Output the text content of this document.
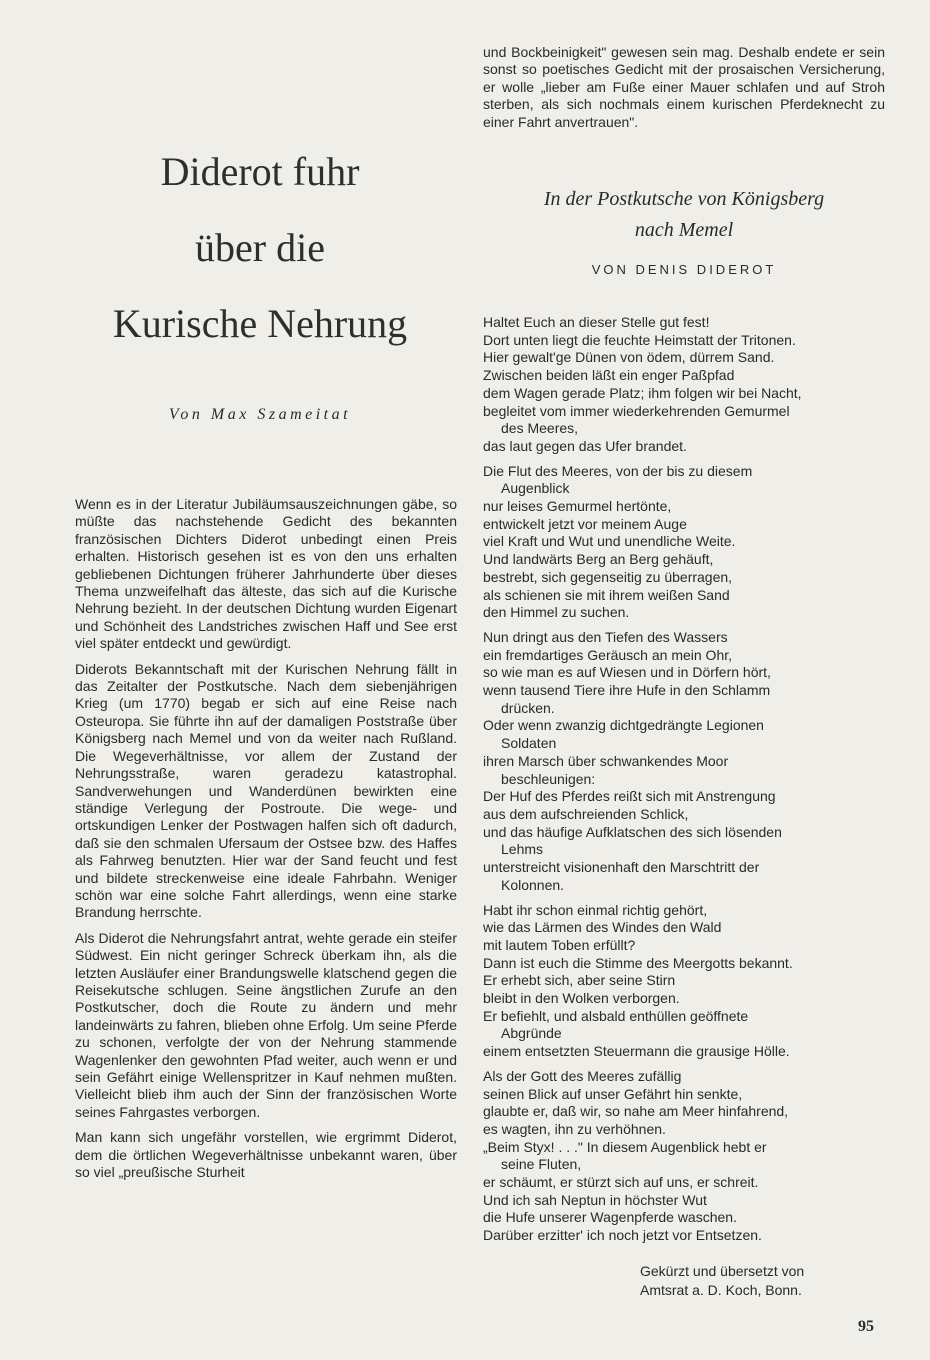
Diderot fuhr
über die
Kurische Nehrung
Von Max Szameitat

Wenn es in der Literatur Jubiläumsauszeichnungen gäbe, so müßte das nachstehende Gedicht des bekannten französischen Dichters Diderot unbedingt einen Preis erhalten. Historisch gesehen ist es von den uns erhalten gebliebenen Dichtungen früherer Jahrhunderte über dieses Thema unzweifelhaft das älteste, das sich auf die Kurische Nehrung bezieht. In der deutschen Dichtung wurden Eigenart und Schönheit des Landstriches zwischen Haff und See erst viel später entdeckt und gewürdigt.

Diderots Bekanntschaft mit der Kurischen Nehrung fällt in das Zeitalter der Postkutsche. Nach dem siebenjährigen Krieg (um 1770) begab er sich auf eine Reise nach Osteuropa. Sie führte ihn auf der damaligen Poststraße über Königsberg nach Memel und von da weiter nach Rußland. Die Wegeverhältnisse, vor allem der Zustand der Nehrungsstraße, waren geradezu katastrophal. Sandverwehungen und Wanderdünen bewirkten eine ständige Verlegung der Postroute. Die wege- und ortskundigen Lenker der Postwagen halfen sich oft dadurch, daß sie den schmalen Ufersaum der Ostsee bzw. des Haffes als Fahrweg benutzten. Hier war der Sand feucht und fest und bildete streckenweise eine ideale Fahrbahn. Weniger schön war eine solche Fahrt allerdings, wenn eine starke Brandung herrschte.

Als Diderot die Nehrungsfahrt antrat, wehte gerade ein steifer Südwest. Ein nicht geringer Schreck überkam ihn, als die letzten Ausläufer einer Brandungswelle klatschend gegen die Reisekutsche schlugen. Seine ängstlichen Zurufe an den Postkutscher, doch die Route zu ändern und mehr landeinwärts zu fahren, blieben ohne Erfolg. Um seine Pferde zu schonen, verfolgte der von der Nehrung stammende Wagenlenker den gewohnten Pfad weiter, auch wenn er und sein Gefährt einige Wellenspritzer in Kauf nehmen mußten. Vielleicht blieb ihm auch der Sinn der französischen Worte seines Fahrgastes verborgen.

Man kann sich ungefähr vorstellen, wie ergrimmt Diderot, dem die örtlichen Wegeverhältnisse unbekannt waren, über so viel „preußische Sturheit

und Bockbeinigkeit" gewesen sein mag. Deshalb endete er sein sonst so poetisches Gedicht mit der prosaischen Versicherung, er wolle „lieber am Fuße einer Mauer schlafen und auf Stroh sterben, als sich nochmals einem kurischen Pferdeknecht zu einer Fahrt anvertrauen".

In der Postkutsche von Königsberg
nach Memel
VON DENIS DIDEROT
Haltet Euch an dieser Stelle gut fest!
Dort unten liegt die feuchte Heimstatt der Tritonen.
Hier gewalt'ge Dünen von ödem, dürrem Sand.
Zwischen beiden läßt ein enger Paßpfad
dem Wagen gerade Platz; ihm folgen wir bei Nacht,
begleitet vom immer wiederkehrenden Gemurmel
des Meeres,
das laut gegen das Ufer brandet.
Die Flut des Meeres, von der bis zu diesem
Augenblick
nur leises Gemurmel hertönte,
entwickelt jetzt vor meinem Auge
viel Kraft und Wut und unendliche Weite.
Und landwärts Berg an Berg gehäuft,
bestrebt, sich gegenseitig zu überragen,
als schienen sie mit ihrem weißen Sand
den Himmel zu suchen.
Nun dringt aus den Tiefen des Wassers
ein fremdartiges Geräusch an mein Ohr,
so wie man es auf Wiesen und in Dörfern hört,
wenn tausend Tiere ihre Hufe in den Schlamm
drücken.
Oder wenn zwanzig dichtgedrängte Legionen
Soldaten
ihren Marsch über schwankendes Moor
beschleunigen:
Der Huf des Pferdes reißt sich mit Anstrengung
aus dem aufschreienden Schlick,
und das häufige Aufklatschen des sich lösenden
Lehms
unterstreicht visionenhaft den Marschtritt der
Kolonnen.
Habt ihr schon einmal richtig gehört,
wie das Lärmen des Windes den Wald
mit lautem Toben erfüllt?
Dann ist euch die Stimme des Meergotts bekannt.
Er erhebt sich, aber seine Stirn
bleibt in den Wolken verborgen.
Er befiehlt, und alsbald enthüllen geöffnete
Abgründe
einem entsetzten Steuermann die grausige Hölle.
Als der Gott des Meeres zufällig
seinen Blick auf unser Gefährt hin senkte,
glaubte er, daß wir, so nahe am Meer hinfahrend,
es wagten, ihn zu verhöhnen.
„Beim Styx! . . ." In diesem Augenblick hebt er
seine Fluten,
er schäumt, er stürzt sich auf uns, er schreit.
Und ich sah Neptun in höchster Wut
die Hufe unserer Wagenpferde waschen.
Darüber erzitter' ich noch jetzt vor Entsetzen.
Gekürzt und übersetzt von
Amtsrat a. D. Koch, Bonn.
95
